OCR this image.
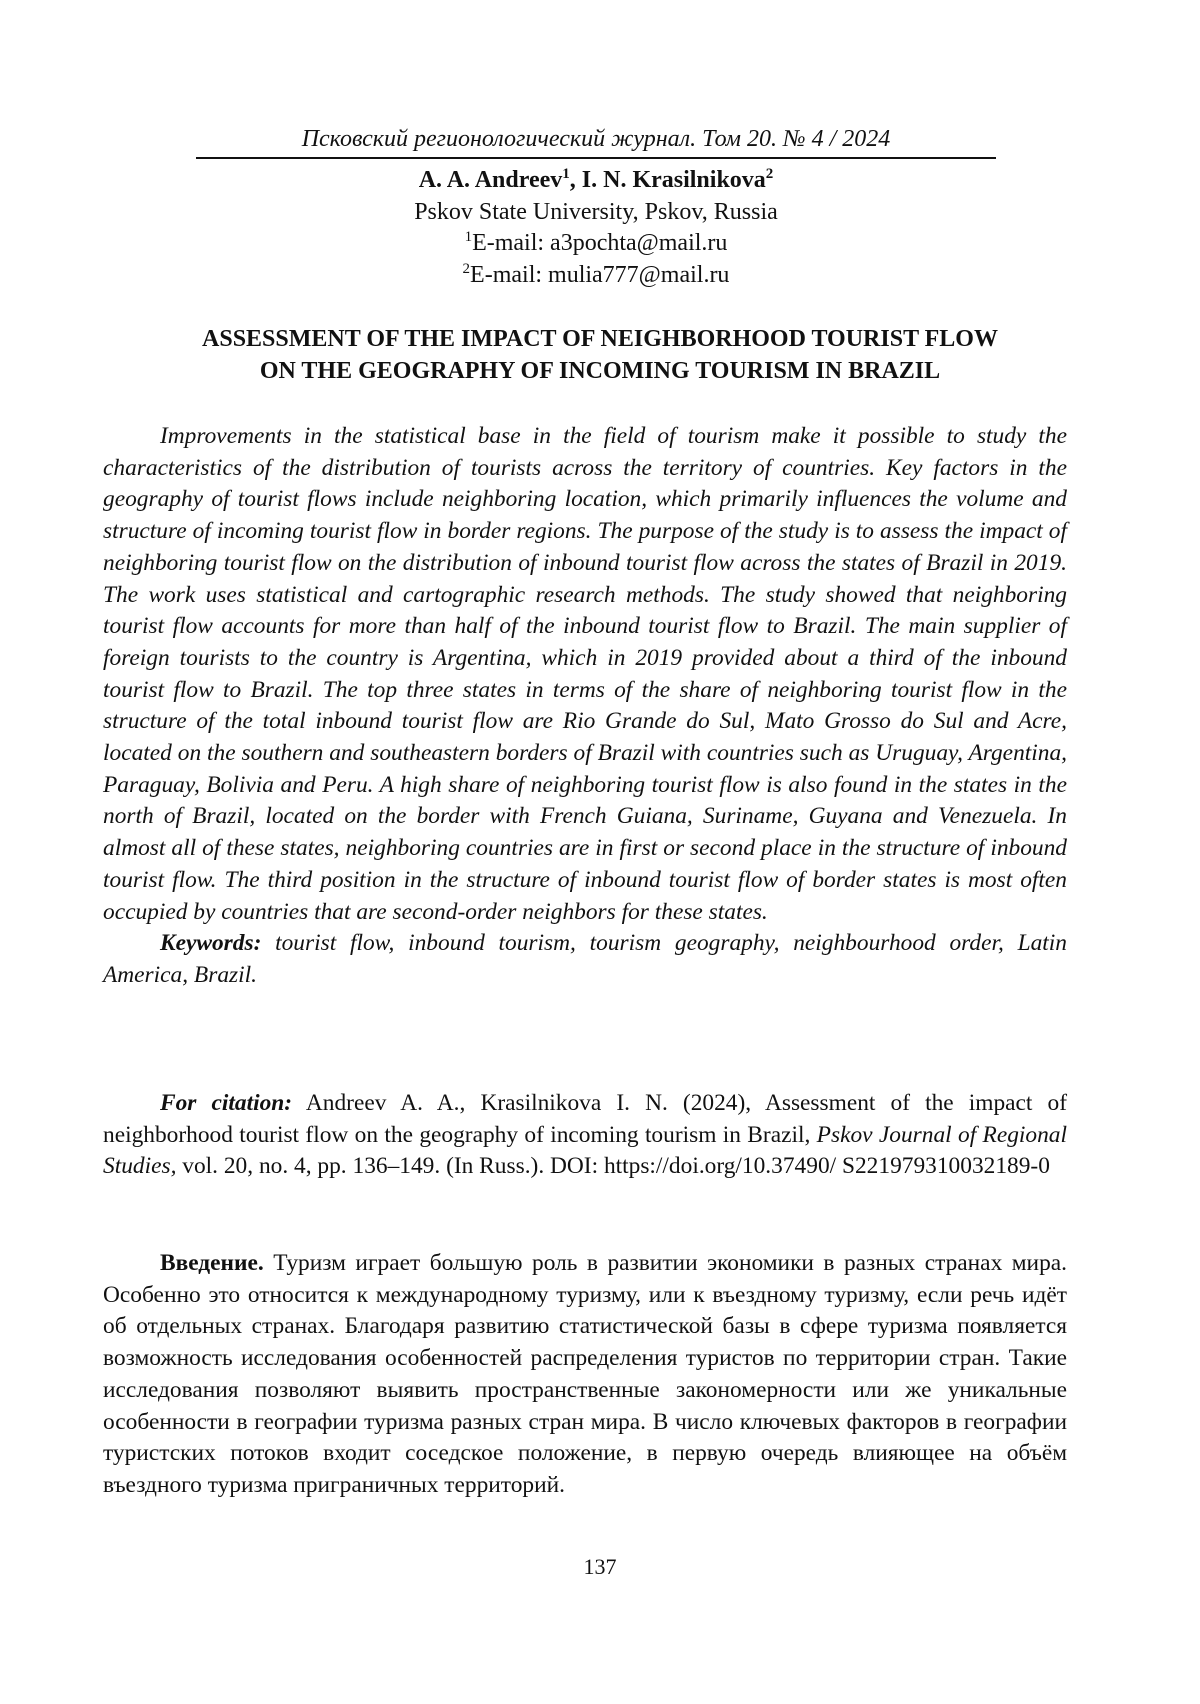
Псковский регионологический журнал. Том 20. № 4 / 2024
A. A. Andreev$^1$, I. N. Krasilnikova$^2$
Pskov State University, Pskov, Russia
$^1$E-mail: a3pochta@mail.ru
$^2$E-mail: mulia777@mail.ru
ASSESSMENT OF THE IMPACT OF NEIGHBORHOOD TOURIST FLOW
ON THE GEOGRAPHY OF INCOMING TOURISM IN BRAZIL

Improvements in the statistical base in the field of tourism make it possible to study the characteristics of the distribution of tourists across the territory of countries. Key factors in the geography of tourist flows include neighboring location, which primarily influences the volume and structure of incoming tourist flow in border regions. The purpose of the study is to assess the impact of neighboring tourist flow on the distribution of inbound tourist flow across the states of Brazil in 2019. The work uses statistical and cartographic research methods. The study showed that neighboring tourist flow accounts for more than half of the inbound tourist flow to Brazil. The main supplier of foreign tourists to the country is Argentina, which in 2019 provided about a third of the inbound tourist flow to Brazil. The top three states in terms of the share of neighboring tourist flow in the structure of the total inbound tourist flow are Rio Grande do Sul, Mato Grosso do Sul and Acre, located on the southern and southeastern borders of Brazil with countries such as Uruguay, Argentina, Paraguay, Bolivia and Peru. A high share of neighboring tourist flow is also found in the states in the north of Brazil, located on the border with French Guiana, Suriname, Guyana and Venezuela. In almost all of these states, neighboring countries are in first or second place in the structure of inbound tourist flow. The third position in the structure of inbound tourist flow of border states is most often occupied by countries that are second-order neighbors for these states.

Keywords: tourist flow, inbound tourism, tourism geography, neighbourhood order, Latin America, Brazil.

For citation: Andreev A. A., Krasilnikova I. N. (2024), Assessment of the impact of neighborhood tourist flow on the geography of incoming tourism in Brazil, Pskov Journal of Regional Studies, vol. 20, no. 4, pp. 136–149. (In Russ.). DOI: https://doi.org/10.37490/ S221979310032189-0

Введение. Туризм играет большую роль в развитии экономики в разных странах мира. Особенно это относится к международному туризму, или к въездному туризму, если речь идёт об отдельных странах. Благодаря развитию статистической базы в сфере туризма появляется возможность исследования особенностей распределения туристов по территории стран. Такие исследования позволяют выявить пространственные закономерности или же уникальные особенности в географии туризма разных стран мира. В число ключевых факторов в географии туристских потоков входит соседское положение, в первую очередь влияющее на объём въездного туризма приграничных территорий.

137
